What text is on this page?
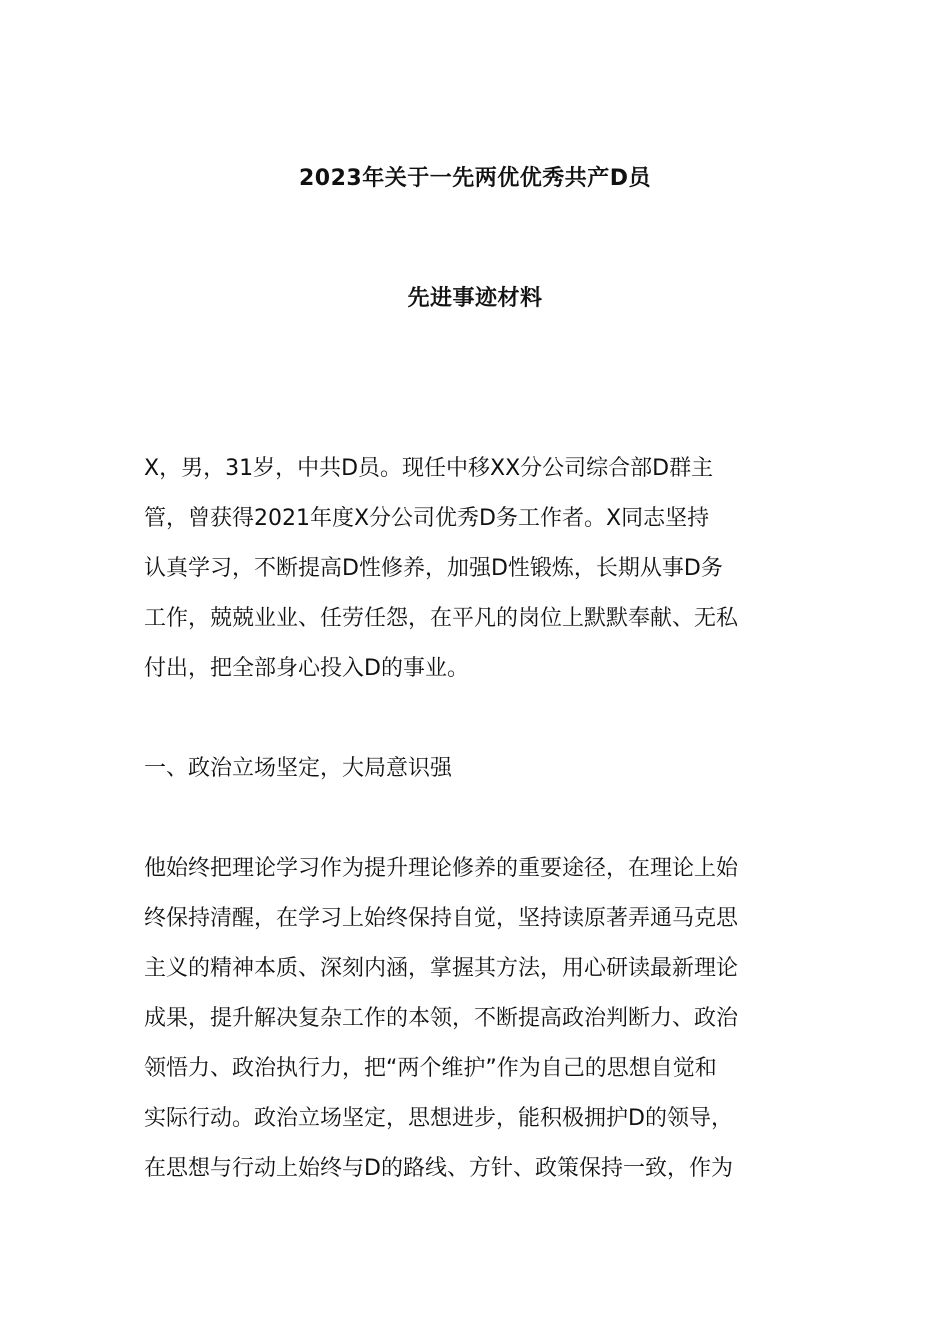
2023年关于一先两优优秀共产D员
先进事迹材料
X，男，31岁，中共D员。现任中移XX分公司综合部D群主
管，曾获得2021年度X分公司优秀D务工作者。X同志坚持
认真学习，不断提高D性修养，加强D性锻炼，长期从事D务
工作，兢兢业业、任劳任怨，在平凡的岗位上默默奉献、无私
付出，把全部身心投入D的事业。
一、政治立场坚定，大局意识强
他始终把理论学习作为提升理论修养的重要途径，在理论上始
终保持清醒，在学习上始终保持自觉，坚持读原著弄通马克思
主义的精神本质、深刻内涵，掌握其方法，用心研读最新理论
成果，提升解决复杂工作的本领，不断提高政治判断力、政治
领悟力、政治执行力，把“两个维护”作为自己的思想自觉和
实际行动。政治立场坚定，思想进步，能积极拥护D的领导，
在思想与行动上始终与D的路线、方针、政策保持一致，作为
